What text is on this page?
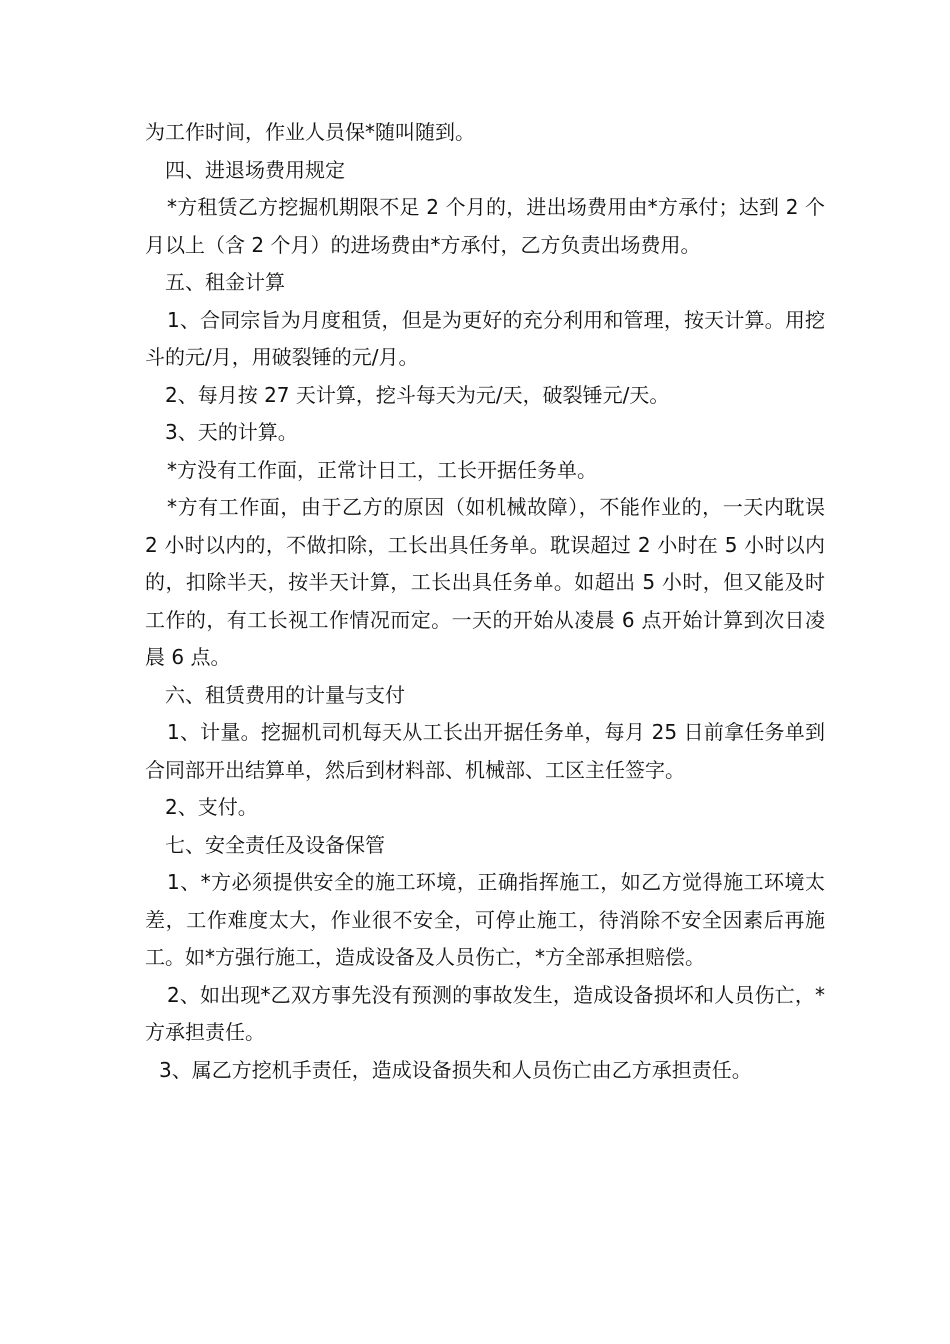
为工作时间，作业人员保*随叫随到。

四、进退场费用规定

*方租赁乙方挖掘机期限不足 2 个月的，进出场费用由*方承付；达到 2 个月以上（含 2 个月）的进场费由*方承付，乙方负责出场费用。

五、租金计算

1、合同宗旨为月度租赁，但是为更好的充分利用和管理，按天计算。用挖斗的元/月，用破裂锤的元/月。

2、每月按 27 天计算，挖斗每天为元/天，破裂锤元/天。

3、天的计算。

*方没有工作面，正常计日工，工长开据任务单。

*方有工作面，由于乙方的原因（如机械故障），不能作业的，一天内耽误 2 小时以内的，不做扣除，工长出具任务单。耽误超过 2 小时在 5 小时以内的，扣除半天，按半天计算，工长出具任务单。如超出 5 小时，但又能及时工作的，有工长视工作情况而定。一天的开始从凌晨 6 点开始计算到次日凌晨 6 点。

六、租赁费用的计量与支付

1、计量。挖掘机司机每天从工长出开据任务单，每月 25 日前拿任务单到合同部开出结算单，然后到材料部、机械部、工区主任签字。

2、支付。

七、安全责任及设备保管

1、*方必须提供安全的施工环境，正确指挥施工，如乙方觉得施工环境太差，工作难度太大，作业很不安全，可停止施工，待消除不安全因素后再施工。如*方强行施工，造成设备及人员伤亡，*方全部承担赔偿。

2、如出现*乙双方事先没有预测的事故发生，造成设备损坏和人员伤亡，*方承担责任。

3、属乙方挖机手责任，造成设备损失和人员伤亡由乙方承担责任。
